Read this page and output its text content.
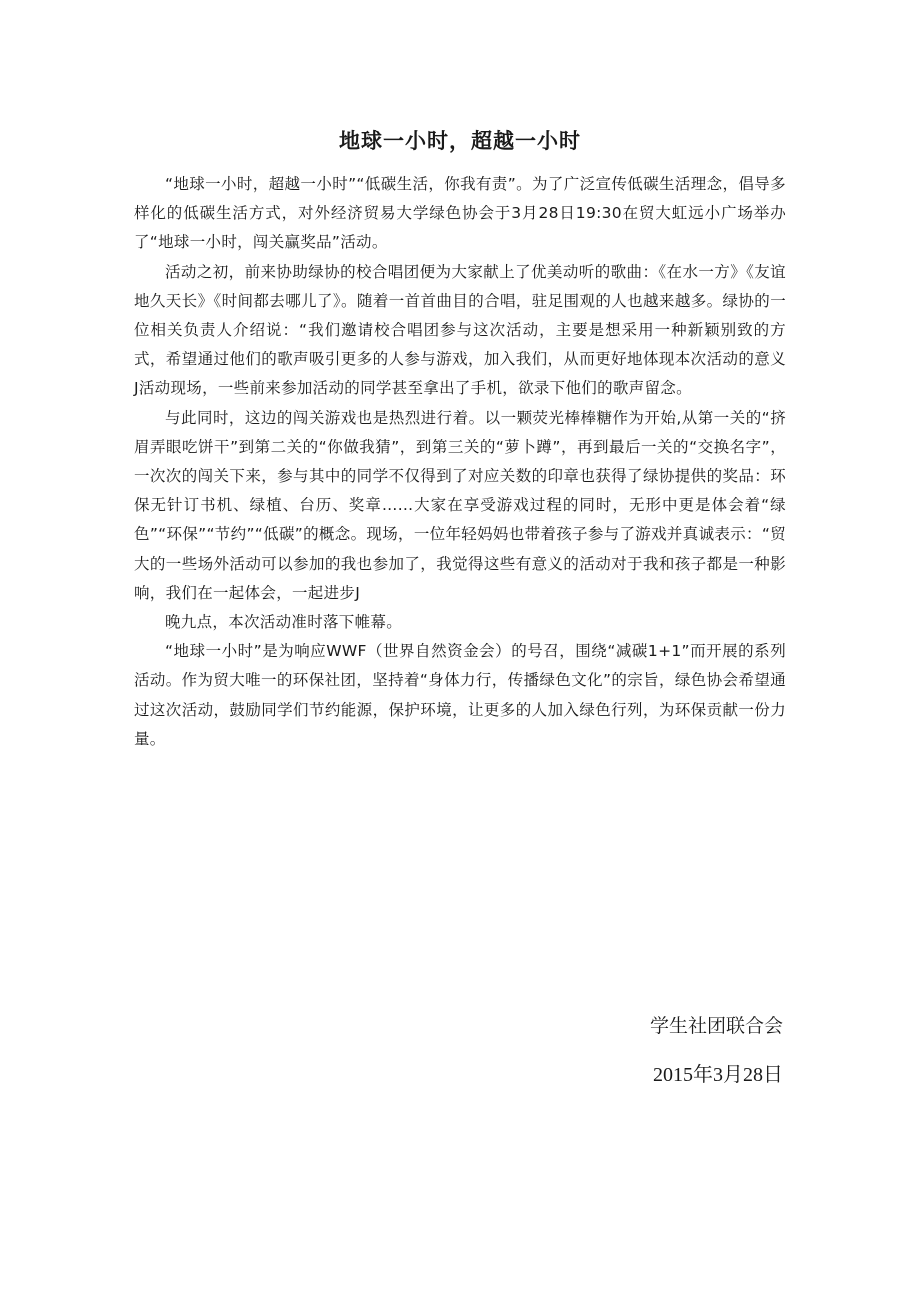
地球一小时，超越一小时

“地球一小时，超越一小时”“低碳生活，你我有责”。为了广泛宣传低碳生活理念，倡导多样化的低碳生活方式，对外经济贸易大学绿色协会于3月28日19:30在贸大虹远小广场举办了“地球一小时，闯关赢奖品”活动。

活动之初，前来协助绿协的校合唱团便为大家献上了优美动听的歌曲：《在水一方》《友谊地久天长》《时间都去哪儿了》。随着一首首曲目的合唱，驻足围观的人也越来越多。绿协的一位相关负责人介绍说：“我们邀请校合唱团参与这次活动，主要是想采用一种新颖别致的方式，希望通过他们的歌声吸引更多的人参与游戏，加入我们，从而更好地体现本次活动的意义J活动现场，一些前来参加活动的同学甚至拿出了手机，欲录下他们的歌声留念。

与此同时，这边的闯关游戏也是热烈进行着。以一颗荧光棒棒糖作为开始,从第一关的“挤眉弄眼吃饼干”到第二关的“你做我猜”，到第三关的“萝卜蹲”，再到最后一关的“交换名字”，一次次的闯关下来，参与其中的同学不仅得到了对应关数的印章也获得了绿协提供的奖品：环保无针订书机、绿植、台历、奖章……大家在享受游戏过程的同时，无形中更是体会着“绿色”“环保”“节约”“低碳”的概念。现场，一位年轻妈妈也带着孩子参与了游戏并真诚表示：“贸大的一些场外活动可以参加的我也参加了，我觉得这些有意义的活动对于我和孩子都是一种影响，我们在一起体会，一起进步J

晚九点，本次活动准时落下帷幕。

“地球一小时”是为响应WWF（世界自然资金会）的号召，围绕“减碳1+1”而开展的系列活动。作为贸大唯一的环保社团，坚持着“身体力行，传播绿色文化”的宗旨，绿色协会希望通过这次活动，鼓励同学们节约能源，保护环境，让更多的人加入绿色行列，为环保贡献一份力量。

学生社团联合会
2015年3月28日
